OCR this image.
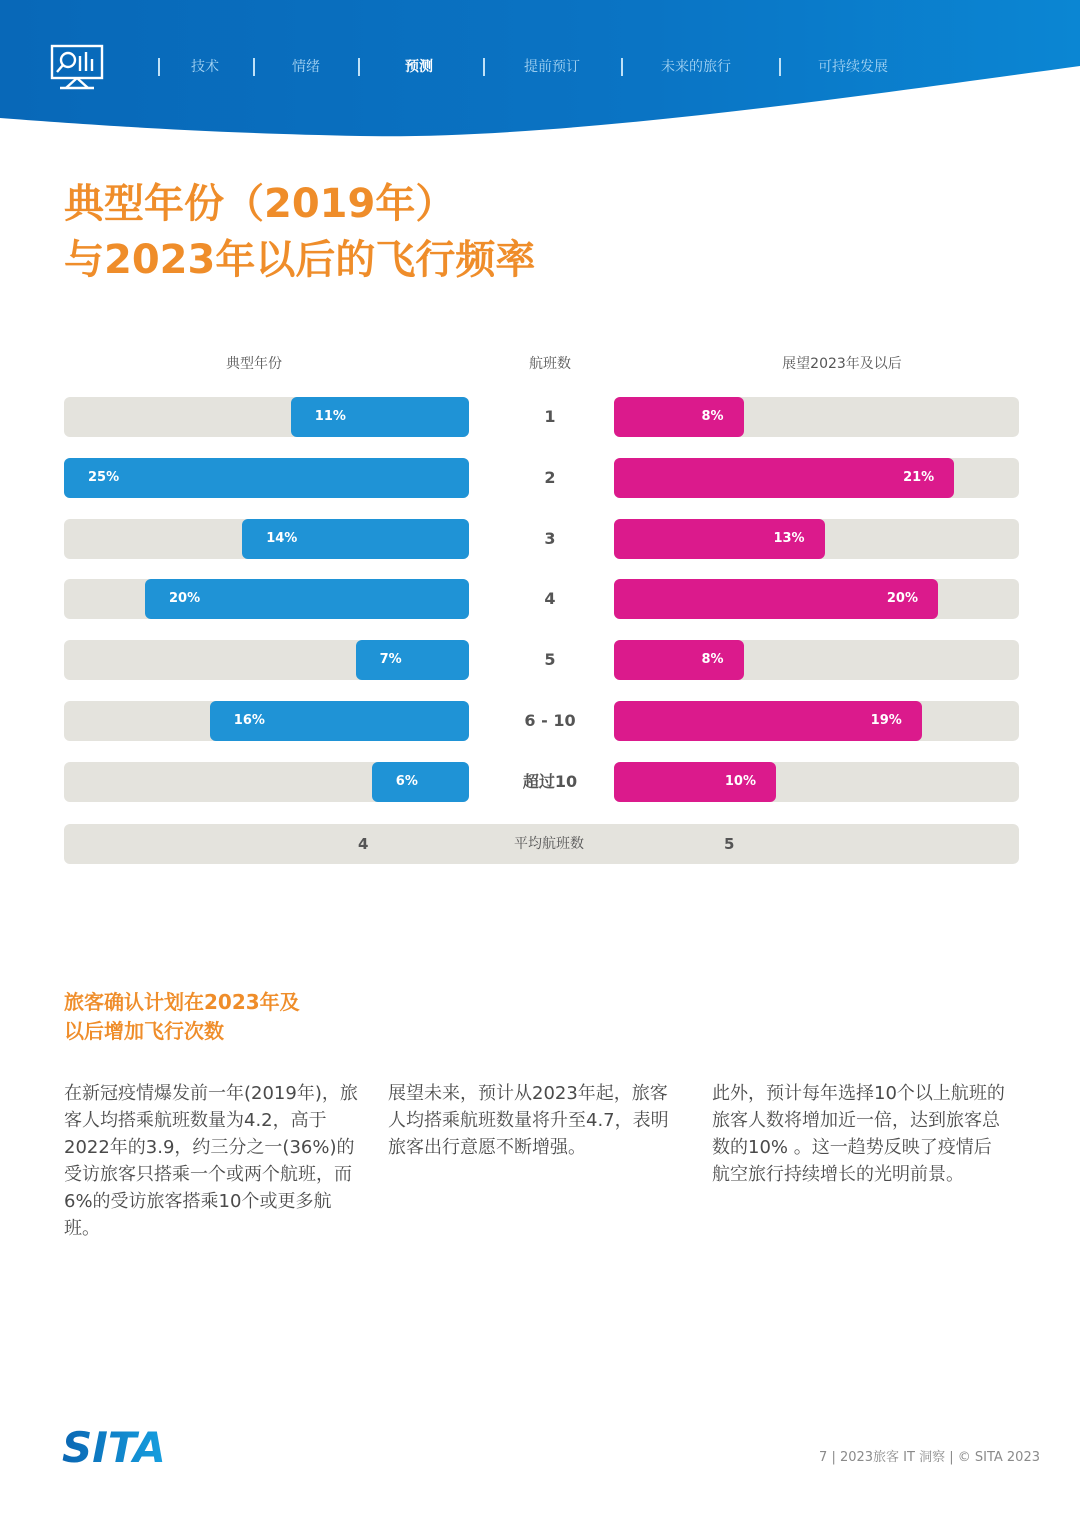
技术	情绪	预测	提前预订	未来的旅行	可持续发展
典型年份（2019年）
与2023年以后的飞行频率
典型年份	航班数	展望2023年及以后
11%	1	8%
25%	2	21%
14%	3	13%
20%	4	20%
7%	5	8%
16%	6 - 10	19%
6%	超过10	10%
4	平均航班数	5
旅客确认计划在2023年及
以后增加飞行次数

在新冠疫情爆发前一年(2019年)，旅客人均搭乘航班数量为4.2，高于2022年的3.9，约三分之一(36%)的受访旅客只搭乘一个或两个航班，而6%的受访旅客搭乘10个或更多航班。

展望未来，预计从2023年起，旅客人均搭乘航班数量将升至4.7，表明旅客出行意愿不断增强。

此外，预计每年选择10个以上航班的旅客人数将增加近一倍，达到旅客总数的10% 。这一趋势反映了疫情后航空旅行持续增长的光明前景。

SITA	7 | 2023旅客 IT 洞察 | © SITA 2023
